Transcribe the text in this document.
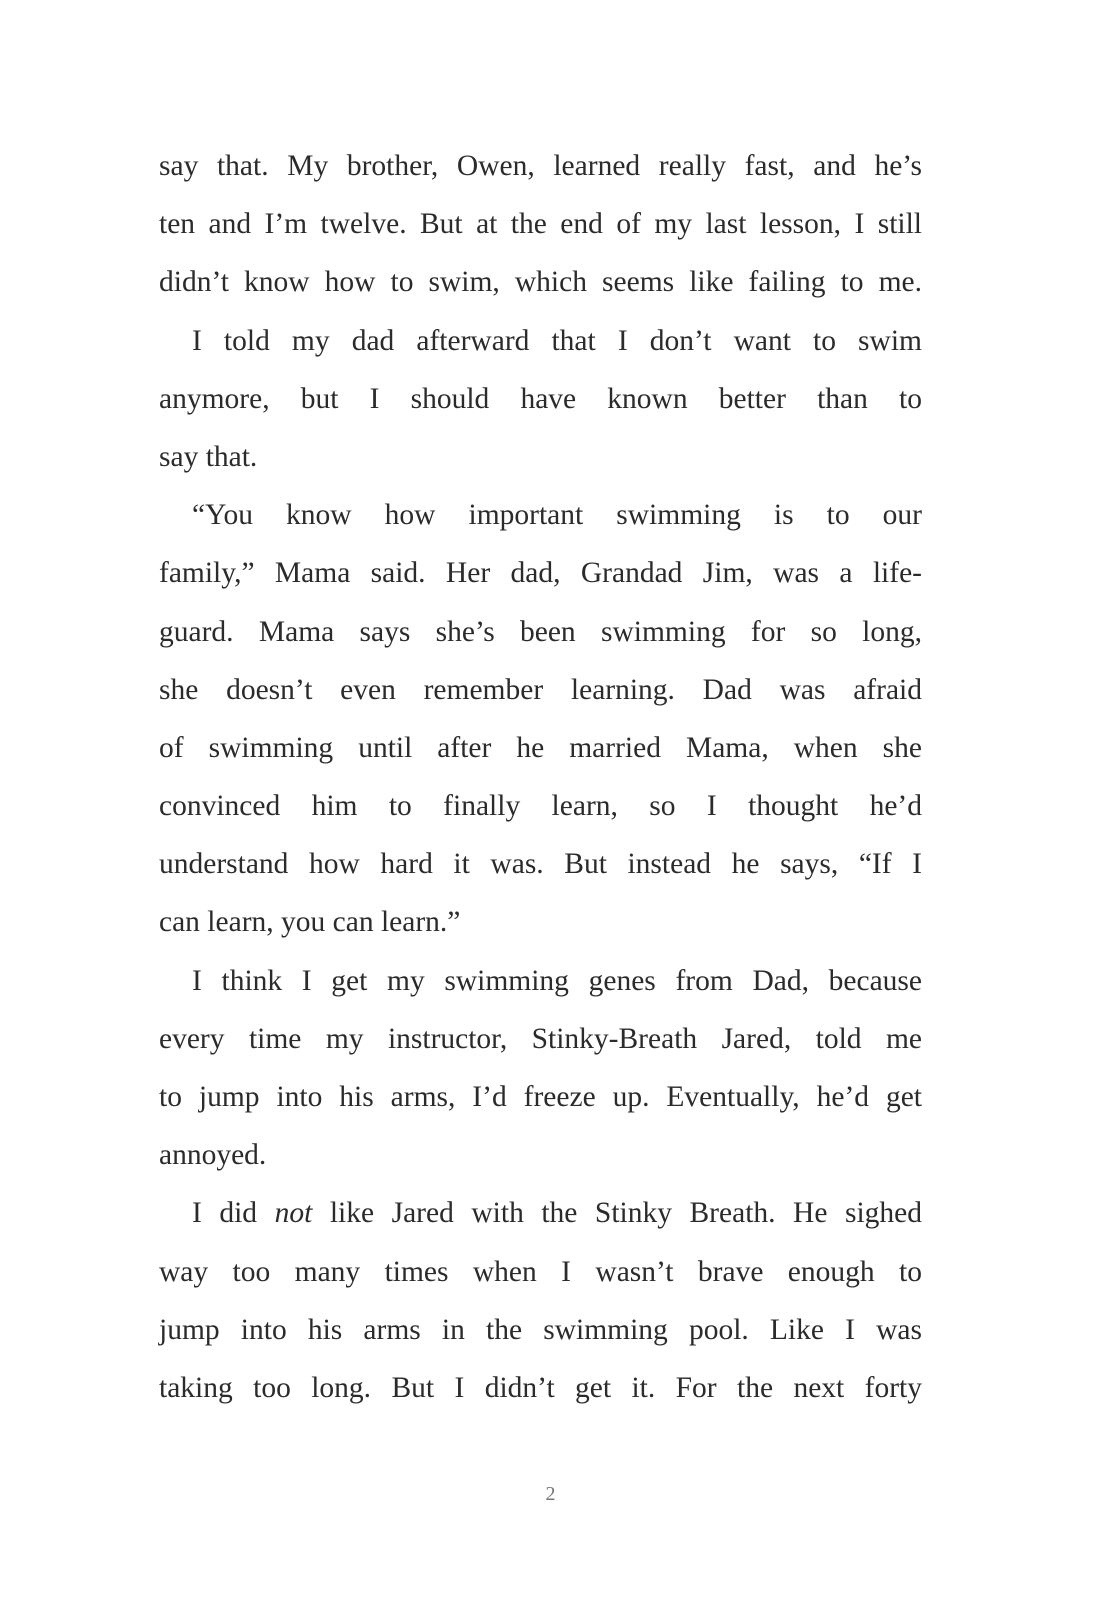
say that. My brother, Owen, learned really fast, and he’s
ten and I’m twelve. But at the end of my last lesson, I still
didn’t know how to swim, which seems like failing to me.
I told my dad afterward that I don’t want to swim
anymore, but I should have known better than to
say that.
“You know how important swimming is to our
family,” Mama said. Her dad, Grandad Jim, was a life-
guard. Mama says she’s been swimming for so long,
she doesn’t even remember learning. Dad was afraid
of swimming until after he married Mama, when she
convinced him to finally learn, so I thought he’d
understand how hard it was. But instead he says, “If I
can learn, you can learn.”
I think I get my swimming genes from Dad, because
every time my instructor, Stinky-Breath Jared, told me
to jump into his arms, I’d freeze up. Eventually, he’d get
annoyed.
I did not like Jared with the Stinky Breath. He sighed
way too many times when I wasn’t brave enough to
jump into his arms in the swimming pool. Like I was
taking too long. But I didn’t get it. For the next forty
2
